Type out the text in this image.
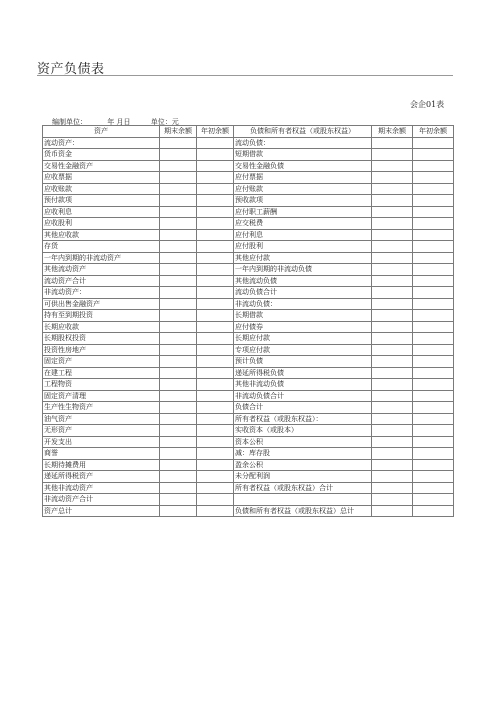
资产负债表
会企01表
编制单位：	年 月日	单位：元
资产	期末余额	年初余额	负债和所有者权益（或股东权益）	期末余额	年初余额
流动资产：			流动负债：		
货币资金			短期借款		
交易性金融资产			交易性金融负债		
应收票据			应付票据		
应收账款			应付账款		
预付款项			预收款项		
应收利息			应付职工薪酬		
应收股利			应交税费		
其他应收款			应付利息		
存货			应付股利		
一年内到期的非流动资产			其他应付款		
其他流动资产			一年内到期的非流动负债		
流动资产合计			其他流动负债		
非流动资产：			流动负债合计		
可供出售金融资产			非流动负债：		
持有至到期投资			长期借款		
长期应收款			应付债券		
长期股权投资			长期应付款		
投资性房地产			专项应付款		
固定资产			预计负债		
在建工程			递延所得税负债		
工程物资			其他非流动负债		
固定资产清理			非流动负债合计		
生产性生物资产			负债合计		
油气资产			所有者权益（或股东权益）：		
无形资产			实收资本（或股本）		
开发支出			资本公积		
商誉			减：库存股		
长期待摊费用			盈余公积		
递延所得税资产			未分配利润		
其他非流动资产			所有者权益（或股东权益）合计		
非流动资产合计					
资产总计			负债和所有者权益（或股东权益）总计		
